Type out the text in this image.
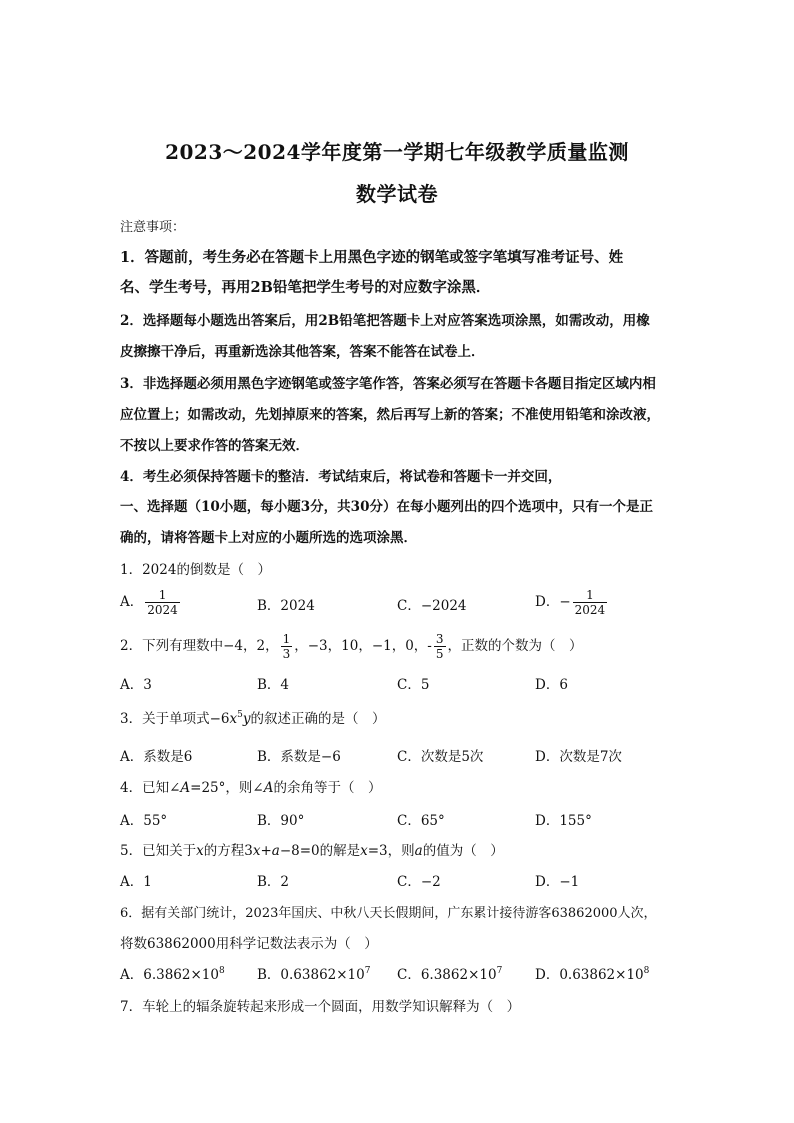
2023～2024学年度第一学期七年级教学质量监测
数学试卷
注意事项：
1．答题前，考生务必在答题卡上用黑色字迹的钢笔或签字笔填写准考证号、姓
名、学生考号，再用2B铅笔把学生考号的对应数字涂黑．
2．选择题每小题选出答案后，用2B铅笔把答题卡上对应答案选项涂黑，如需改动，用橡
皮擦擦干净后，再重新选涂其他答案，答案不能答在试卷上．
3．非选择题必须用黑色字迹钢笔或签字笔作答，答案必须写在答题卡各题目指定区域内相
应位置上；如需改动，先划掉原来的答案，然后再写上新的答案；不准使用铅笔和涂改液，
不按以上要求作答的答案无效．
4．考生必须保持答题卡的整洁．考试结束后，将试卷和答题卡一并交回，
一、选择题（10小题，每小题3分，共30分）在每小题列出的四个选项中，只有一个是正
确的，请将答题卡上对应的小题所选的选项涂黑．
1．2024的倒数是（　）
A． $\frac{1}{2024}$	B．2024	C．−2024	D．− $\frac{1}{2024}$
2．下列有理数中−4，2， $\frac{1}{3}$ ，−3，10，−1，0，- $\frac{3}{5}$ ，正数的个数为（　）
A．3	B．4	C．5	D．6
3．关于单项式$-6x^5y$的叙述正确的是（　）
A．系数是6	B．系数是−6	C．次数是5次	D．次数是7次
4．已知∠A=25°，则∠A的余角等于（　）
A．55°	B．90°	C．65°	D．155°
5．已知关于x的方程3x+a−8=0的解是x=3，则a的值为（　）
A．1	B．2	C．−2	D．−1
6．据有关部门统计，2023年国庆、中秋八天长假期间，广东累计接待游客63862000人次，
将数63862000用科学记数法表示为（　）
A．$6.3862\times 10^8$ B．$0.63862\times 10^7$ C．$6.3862\times 10^7$ D．$0.63862\times 10^8$
7．车轮上的辐条旋转起来形成一个圆面，用数学知识解释为（　）
